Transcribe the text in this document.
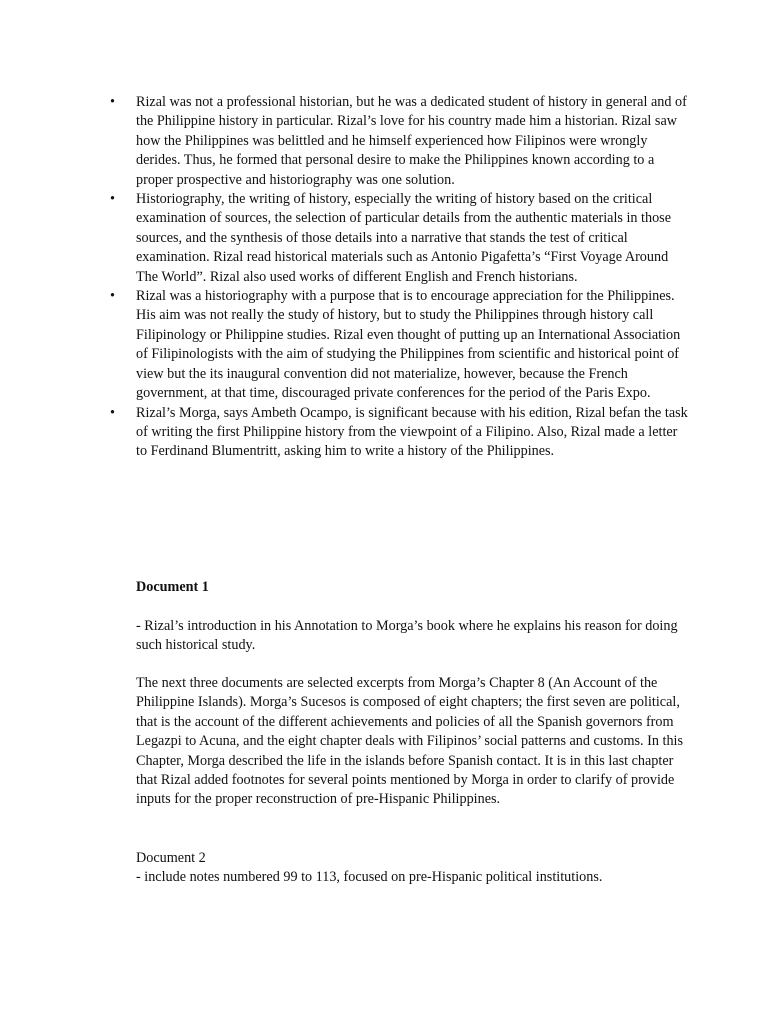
•	Rizal was not a professional historian, but he was a dedicated student of history in general and of the Philippine history in particular. Rizal’s love for his country made him a historian. Rizal saw how the Philippines was belittled and he himself experienced how Filipinos were wrongly derides. Thus, he formed that personal desire to make the Philippines known according to a proper prospective and historiography was one solution.
•	Historiography, the writing of history, especially the writing of history based on the critical examination of sources, the selection of particular details from the authentic materials in those sources, and the synthesis of those details into a narrative that stands the test of critical examination. Rizal read historical materials such as Antonio Pigafetta’s “First Voyage Around The World”. Rizal also used works of different English and French historians.
•	Rizal was a historiography with a purpose that is to encourage appreciation for the Philippines. His aim was not really the study of history, but to study the Philippines through history call Filipinology or Philippine studies. Rizal even thought of putting up an International Association of Filipinologists with the aim of studying the Philippines from scientific and historical point of view but the its inaugural convention did not materialize, however, because the French government, at that time, discouraged private conferences for the period of the Paris Expo.
•	Rizal’s Morga, says Ambeth Ocampo, is significant because with his edition, Rizal befan the task of writing the first Philippine history from the viewpoint of a Filipino. Also, Rizal made a letter to Ferdinand Blumentritt, asking him to write a history of the Philippines.

Document 1

- Rizal’s introduction in his Annotation to Morga’s book where he explains his reason for doing such historical study.

The next three documents are selected excerpts from Morga’s Chapter 8 (An Account of the Philippine Islands). Morga’s Sucesos is composed of eight chapters; the first seven are political, that is the account of the different achievements and policies of all the Spanish governors from Legazpi to Acuna, and the eight chapter deals with Filipinos’ social patterns and customs. In this Chapter, Morga described the life in the islands before Spanish contact. It is in this last chapter that Rizal added footnotes for several points mentioned by Morga in order to clarify of provide inputs for the proper reconstruction of pre-Hispanic Philippines.

Document 2

- include notes numbered 99 to 113, focused on pre-Hispanic political institutions.
